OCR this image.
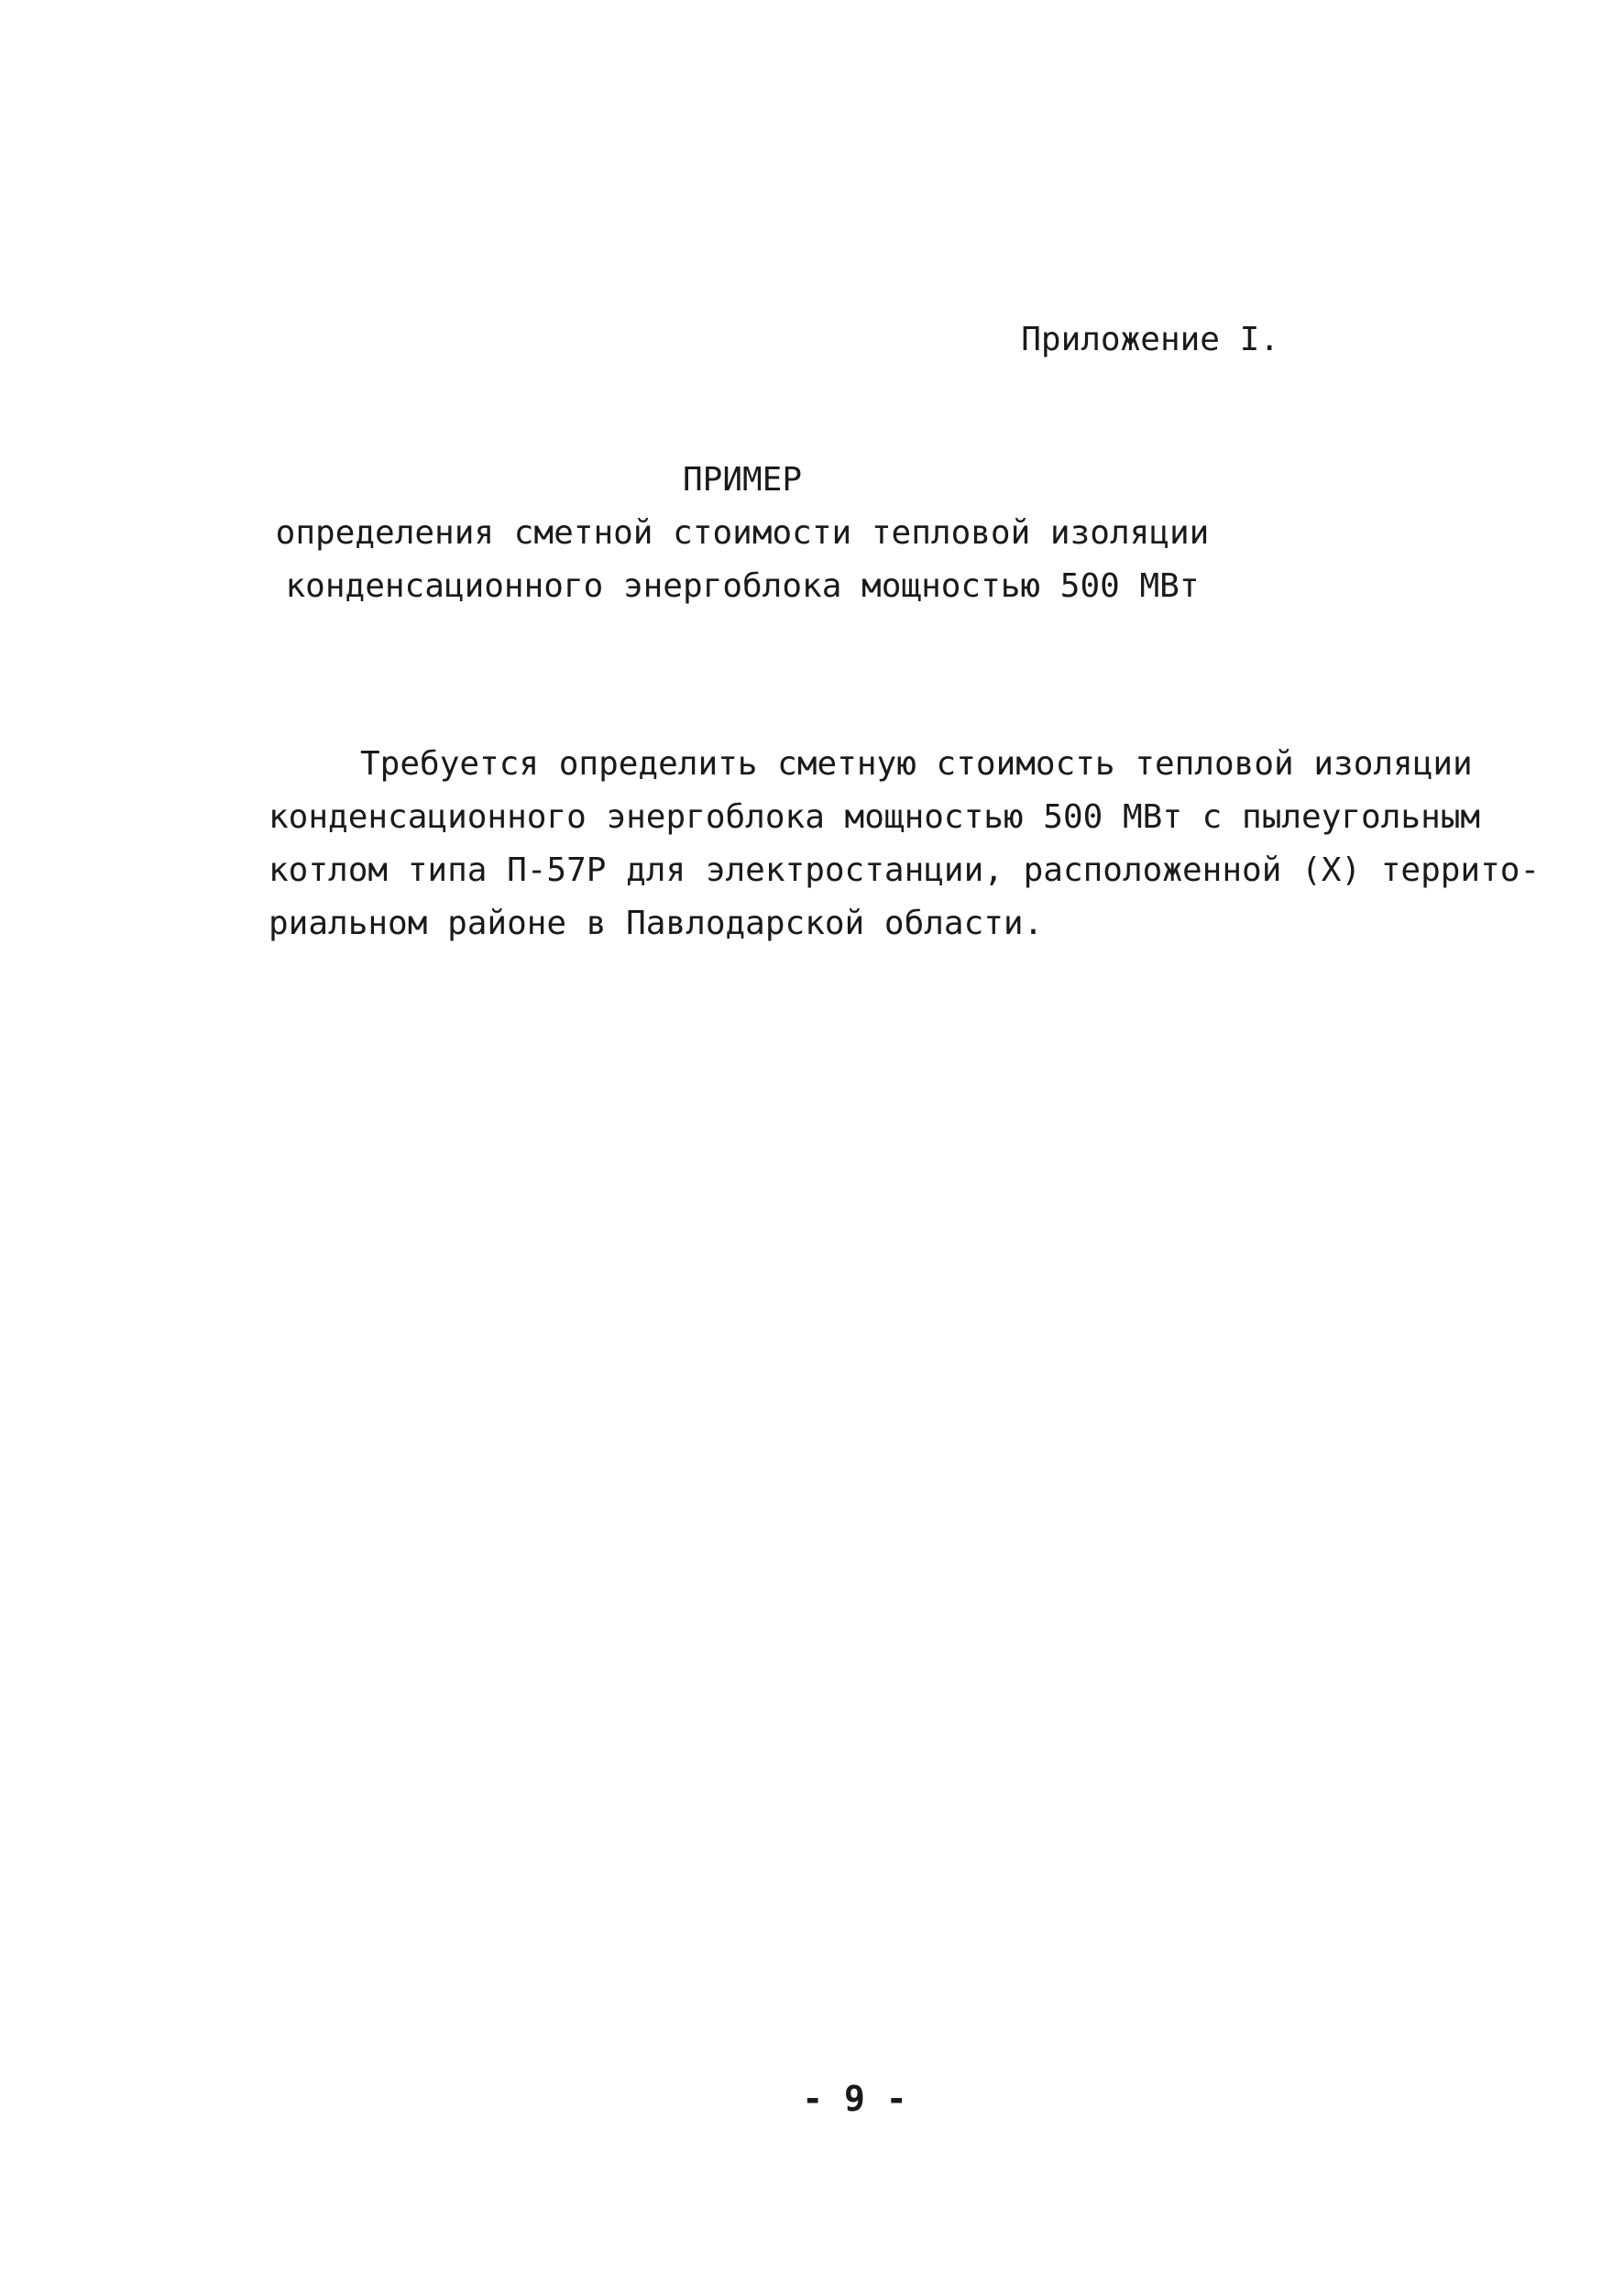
Приложение I.
ПРИМЕР
определения сметной стоимости тепловой изоляции
конденсационного энергоблока мощностью 500 МВт
Требуется определить сметную стоимость тепловой изоляции
конденсационного энергоблока мощностью 500 МВт с пылеугольным
котлом типа П-57Р для электростанции, расположенной (Х) террито-
риальном районе в Павлодарской области.
- 9 -
